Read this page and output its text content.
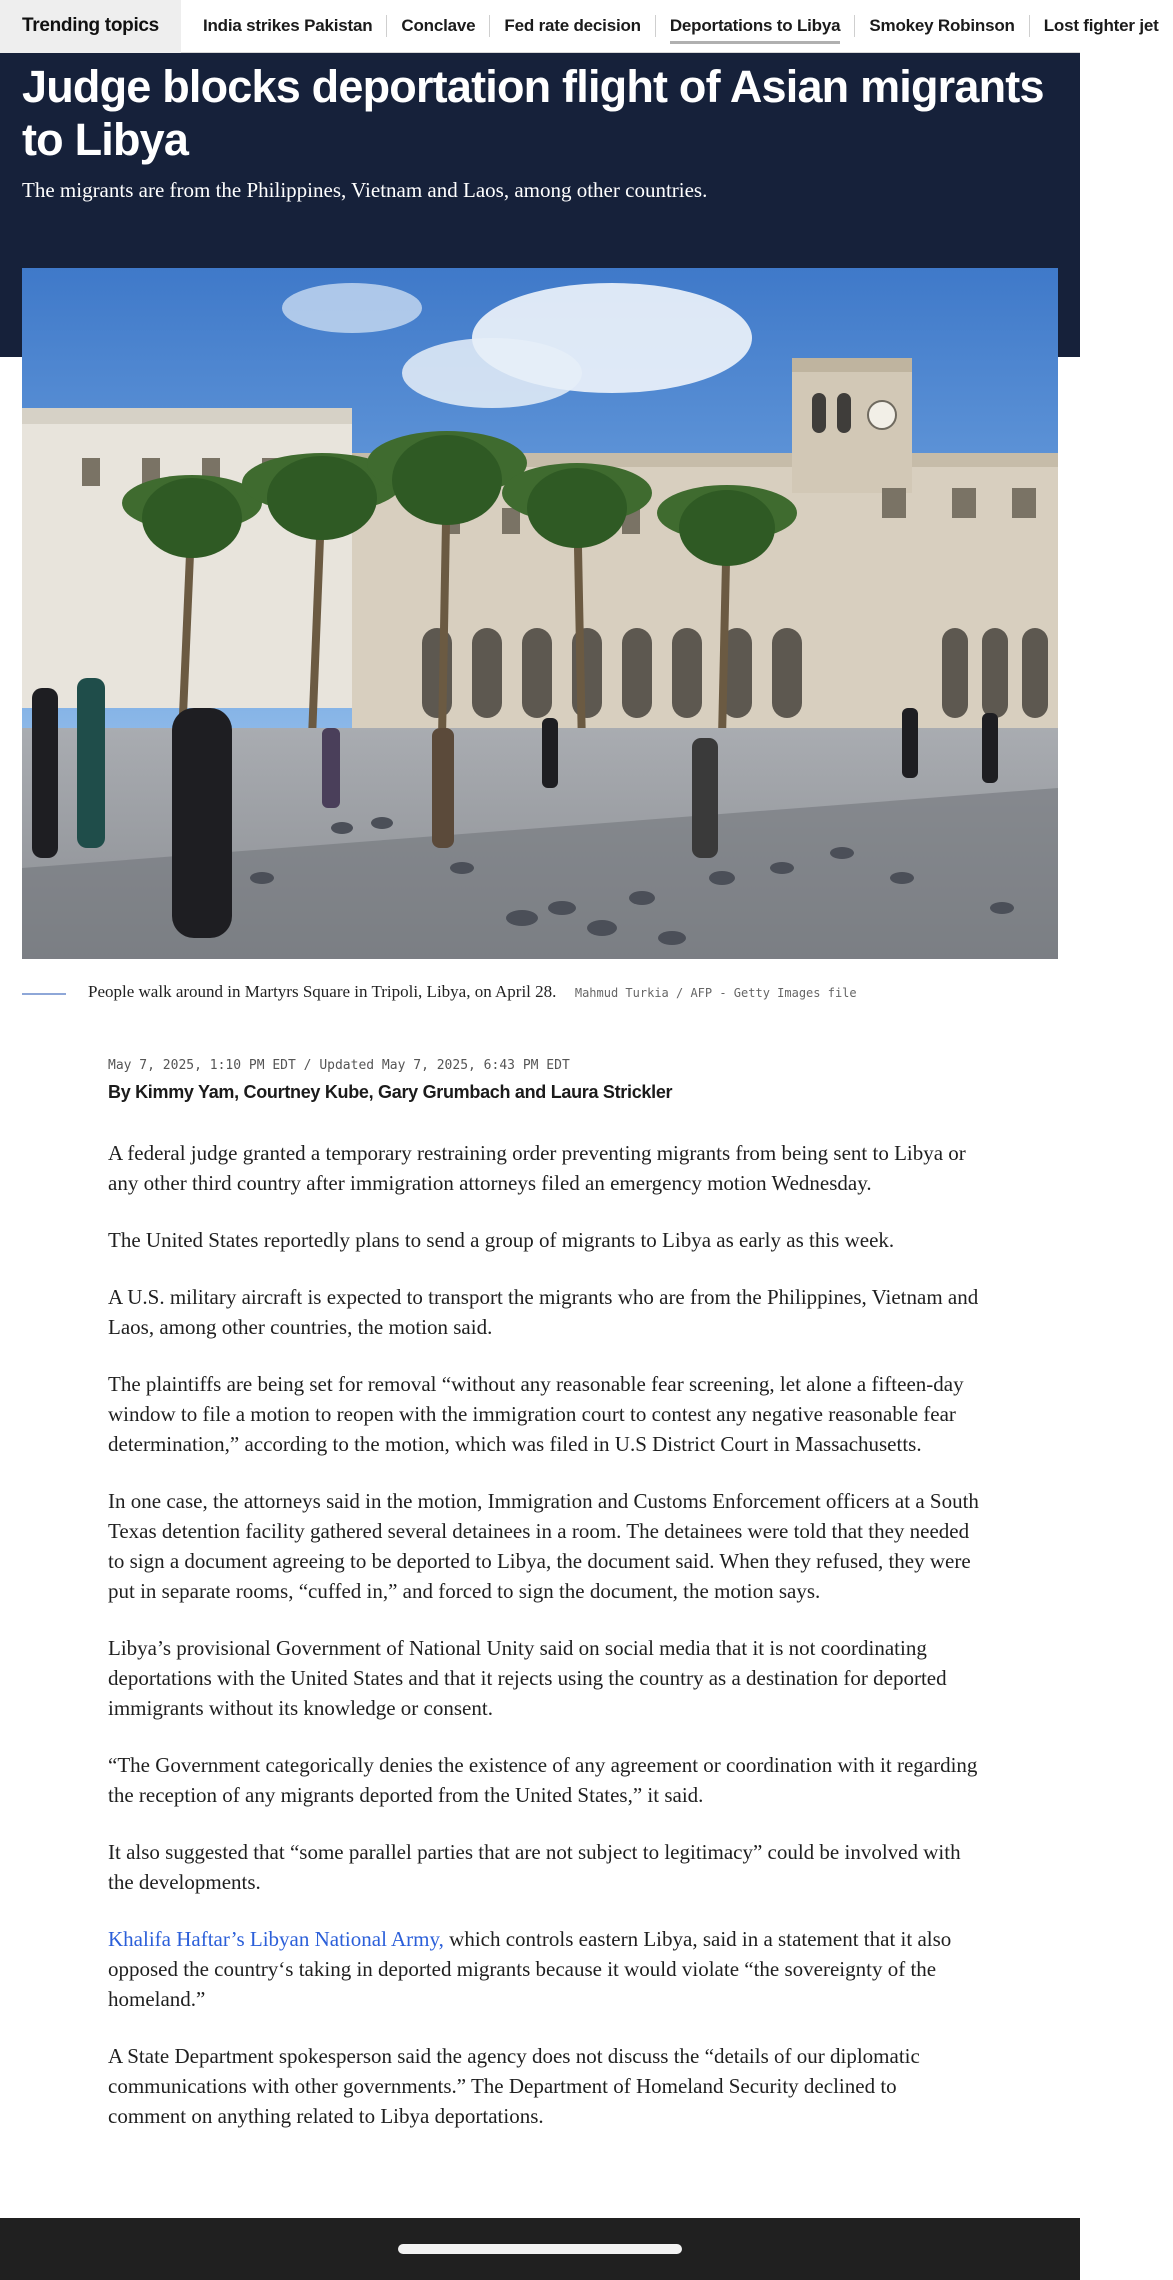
Trending topics	India strikes Pakistan	Conclave	Fed rate decision	Deportations to Libya	Smokey Robinson	Lost fighter jet
Judge blocks deportation flight of Asian migrants to Libya

The migrants are from the Philippines, Vietnam and Laos, among other countries.

People walk around in Martyrs Square in Tripoli, Libya, on April 28. Mahmud Turkia / AFP - Getty Images file
May 7, 2025, 1:10 PM EDT / Updated May 7, 2025, 6:43 PM EDT
By Kimmy Yam, Courtney Kube, Gary Grumbach and Laura Strickler

A federal judge granted a temporary restraining order preventing migrants from being sent to Libya or any other third country after immigration attorneys filed an emergency motion Wednesday.

The United States reportedly plans to send a group of migrants to Libya as early as this week.

A U.S. military aircraft is expected to transport the migrants who are from the Philippines, Vietnam and Laos, among other countries, the motion said.

The plaintiffs are being set for removal “without any reasonable fear screening, let alone a fifteen-day window to file a motion to reopen with the immigration court to contest any negative reasonable fear determination,” according to the motion, which was filed in U.S District Court in Massachusetts.

In one case, the attorneys said in the motion, Immigration and Customs Enforcement officers at a South Texas detention facility gathered several detainees in a room. The detainees were told that they needed to sign a document agreeing to be deported to Libya, the document said. When they refused, they were put in separate rooms, “cuffed in,” and forced to sign the document, the motion says.

Libya’s provisional Government of National Unity said on social media that it is not coordinating deportations with the United States and that it rejects using the country as a destination for deported immigrants without its knowledge or consent.

“The Government categorically denies the existence of any agreement or coordination with it regarding the reception of any migrants deported from the United States,” it said.

It also suggested that “some parallel parties that are not subject to legitimacy” could be involved with the developments.

Khalifa Haftar’s Libyan National Army, which controls eastern Libya, said in a statement that it also opposed the country‘s taking in deported migrants because it would violate “the sovereignty of the homeland.”

A State Department spokesperson said the agency does not discuss the “details of our diplomatic communications with other governments.” The Department of Homeland Security declined to comment on anything related to Libya deportations.
